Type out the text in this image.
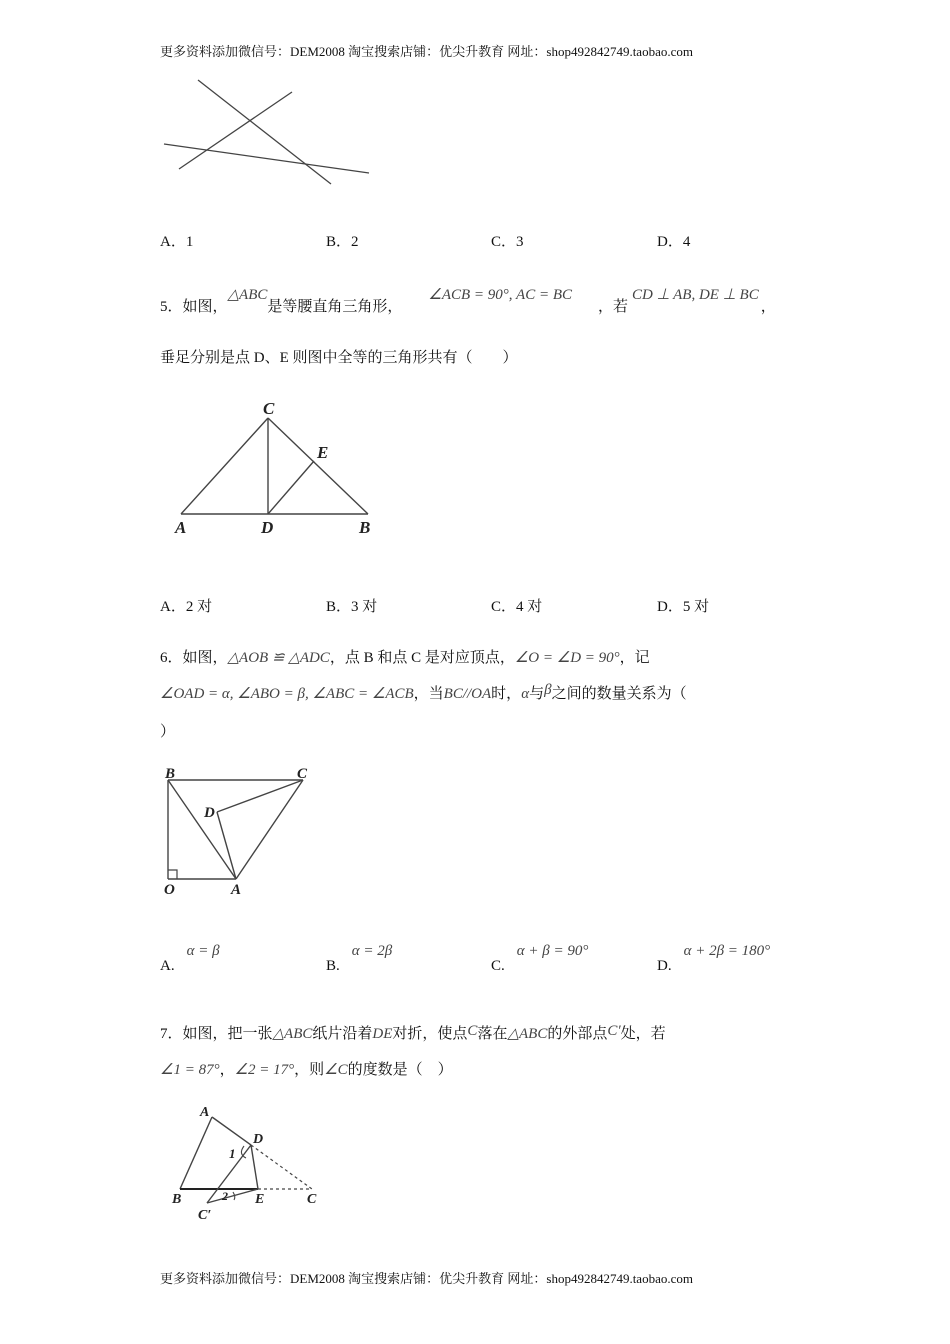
更多资料添加微信号：DEM2008 淘宝搜索店铺：优尖升教育 网址：shop492842749.taobao.com
A．1	B．2	C．3	D．4
5．如图，△ABC是等腰直角三角形，∠ACB = 90°, AC = BC，若CD ⊥ AB, DE ⊥ BC，
垂足分别是点 D、E 则图中全等的三角形共有（　　）
C
E
A	D	B
A．2 对	B．3 对	C．4 对	D．5 对
6．如图，△AOB ≌ △ADC，点 B 和点 C 是对应顶点，∠O = ∠D = 90°，记
∠OAD = α, ∠ABO = β, ∠ABC = ∠ACB，当BC//OA时，α与β之间的数量关系为（
）
B	C
D
O	A
A.α = β
B.α = 2β
C.α + β = 90°
D.α + 2β = 180°
7．如图，把一张△ABC纸片沿着DE对折，使点C落在△ABC的外部点C′处，若
∠1 = 87°，∠2 = 17°，则∠C的度数是（　）
A
D
1
2
B	E	C
C′
更多资料添加微信号：DEM2008 淘宝搜索店铺：优尖升教育 网址：shop492842749.taobao.com
